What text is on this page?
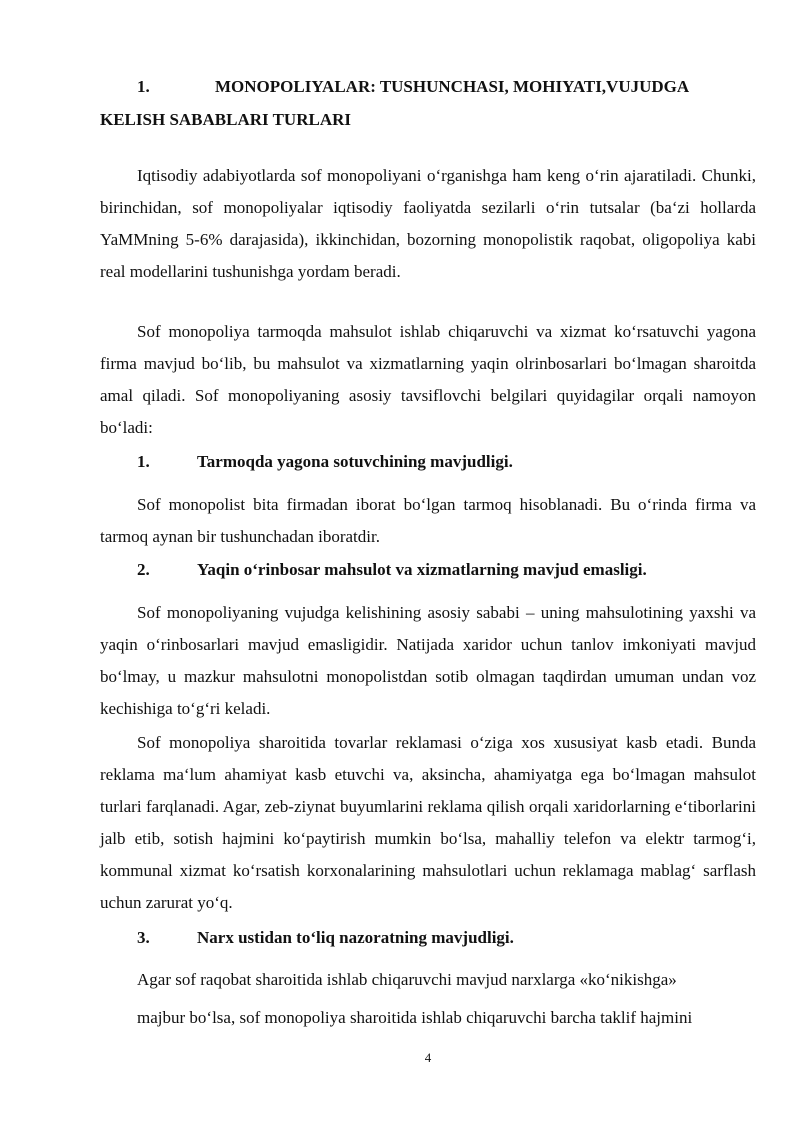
1.	MONOPOLIYALAR: TUSHUNCHASI, MOHIYATI,VUJUDGA KELISH SABABLARI TURLARI

Iqtisodiy adabiyotlarda sof monopoliyani o‘rganishga ham keng o‘rin ajaratiladi. Chunki, birinchidan, sof monopoliyalar iqtisodiy faoliyatda sezilarli o‘rin tutsalar (ba‘zi hollarda YaMMning 5-6% darajasida), ikkinchidan, bozorning monopolistik raqobat, oligopoliya kabi real modellarini tushunishga yordam beradi.

Sof monopoliya tarmoqda mahsulot ishlab chiqaruvchi va xizmat ko‘rsatuvchi yagona firma mavjud bo‘lib, bu mahsulot va xizmatlarning yaqin olrinbosarlari bo‘lmagan sharoitda amal qiladi. Sof monopoliyaning asosiy tavsiflovchi belgilari quyidagilar orqali namoyon bo‘ladi:

1.	Tarmoqda yagona sotuvchining mavjudligi.

Sof monopolist bita firmadan iborat bo‘lgan tarmoq hisoblanadi. Bu o‘rinda firma va tarmoq aynan bir tushunchadan iboratdir.

2.	Yaqin o‘rinbosar mahsulot va xizmatlarning mavjud emasligi.

Sof monopoliyaning vujudga kelishining asosiy sababi – uning mahsulotining yaxshi va yaqin o‘rinbosarlari mavjud emasligidir. Natijada xaridor uchun tanlov imkoniyati mavjud bo‘lmay, u mazkur mahsulotni monopolistdan sotib olmagan taqdirdan umuman undan voz kechishiga to‘g‘ri keladi.

Sof monopoliya sharoitida tovarlar reklamasi o‘ziga xos xususiyat kasb etadi. Bunda reklama ma‘lum ahamiyat kasb etuvchi va, aksincha, ahamiyatga ega bo‘lmagan mahsulot turlari farqlanadi. Agar, zeb-ziynat buyumlarini reklama qilish orqali xaridorlarning e‘tiborlarini jalb etib, sotish hajmini ko‘paytirish mumkin bo‘lsa, mahalliy telefon va elektr tarmog‘i, kommunal xizmat ko‘rsatish korxonalarining mahsulotlari uchun reklamaga mablag‘ sarflash uchun zarurat yo‘q.

3.	Narx ustidan to‘liq nazoratning mavjudligi.

Agar sof raqobat sharoitida ishlab chiqaruvchi mavjud narxlarga «ko‘nikishga»

majbur bo‘lsa, sof monopoliya sharoitida ishlab chiqaruvchi barcha taklif hajmini

4
